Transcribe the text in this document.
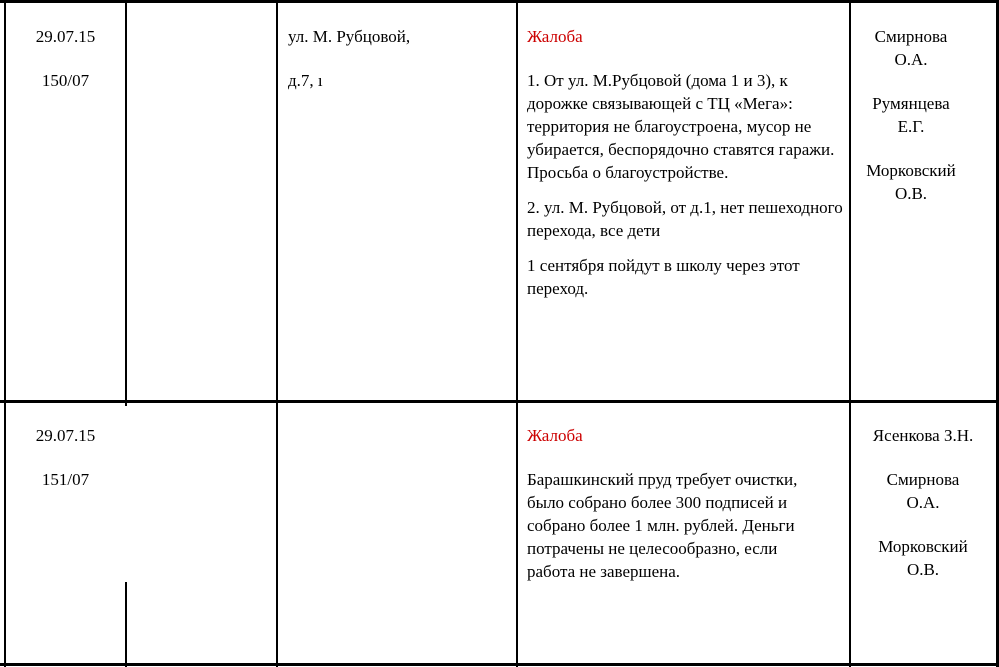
29.07.15

150/07

ул. М. Рубцовой,

д.7, ı

Жалоба

1. От ул. М.Рубцовой (дома 1 и 3), к дорожке связывающей с ТЦ «Мега»: территория не благоустроена, мусор не убирается, беспорядочно ставятся гаражи. Просьба о благоустройстве.

2. ул. М. Рубцовой, от д.1, нет пешеходного перехода, все дети

1 сентября пойдут в школу через этот переход.

Смирнова О.А.

Румянцева Е.Г.

Морковский О.В.

29.07.15

151/07

Жалоба

Барашкинский пруд требует очистки, было собрано более 300 подписей и собрано более 1 млн. рублей. Деньги потрачены не целесообразно, если работа не завершена.

Ясенкова З.Н.

Смирнова О.А.

Морковский О.В.
